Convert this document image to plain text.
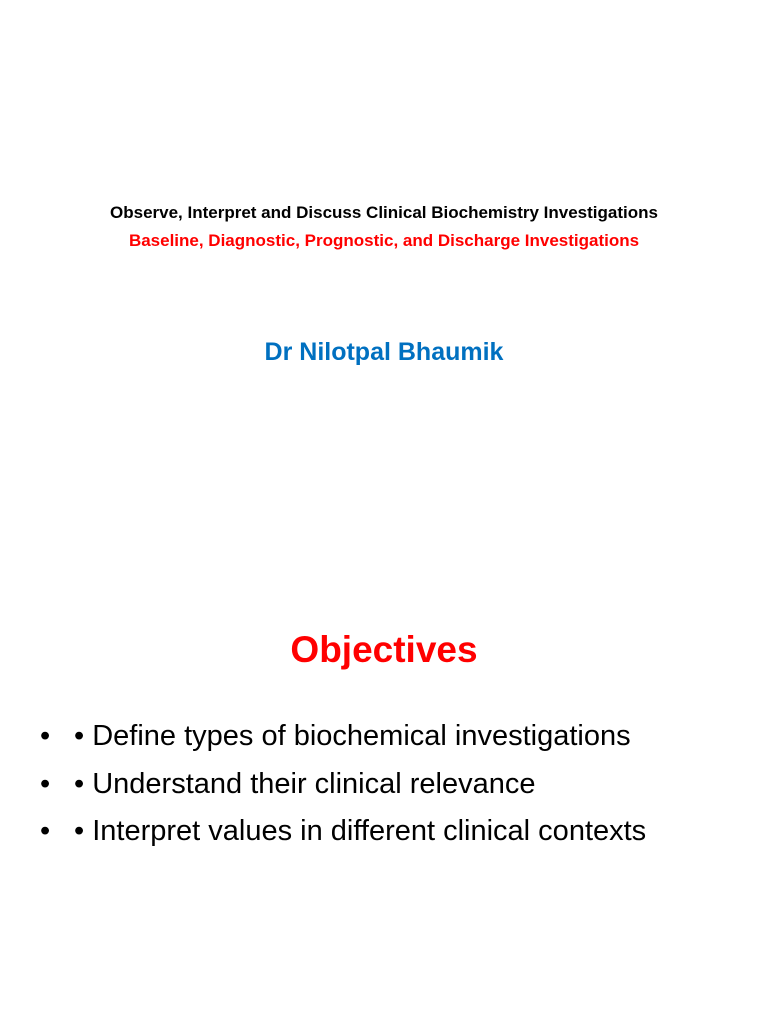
Observe, Interpret and Discuss Clinical Biochemistry Investigations
Baseline, Diagnostic, Prognostic, and Discharge Investigations
Dr Nilotpal Bhaumik
Objectives
• • Define types of biochemical investigations
• • Understand their clinical relevance
• • Interpret values in different clinical contexts
